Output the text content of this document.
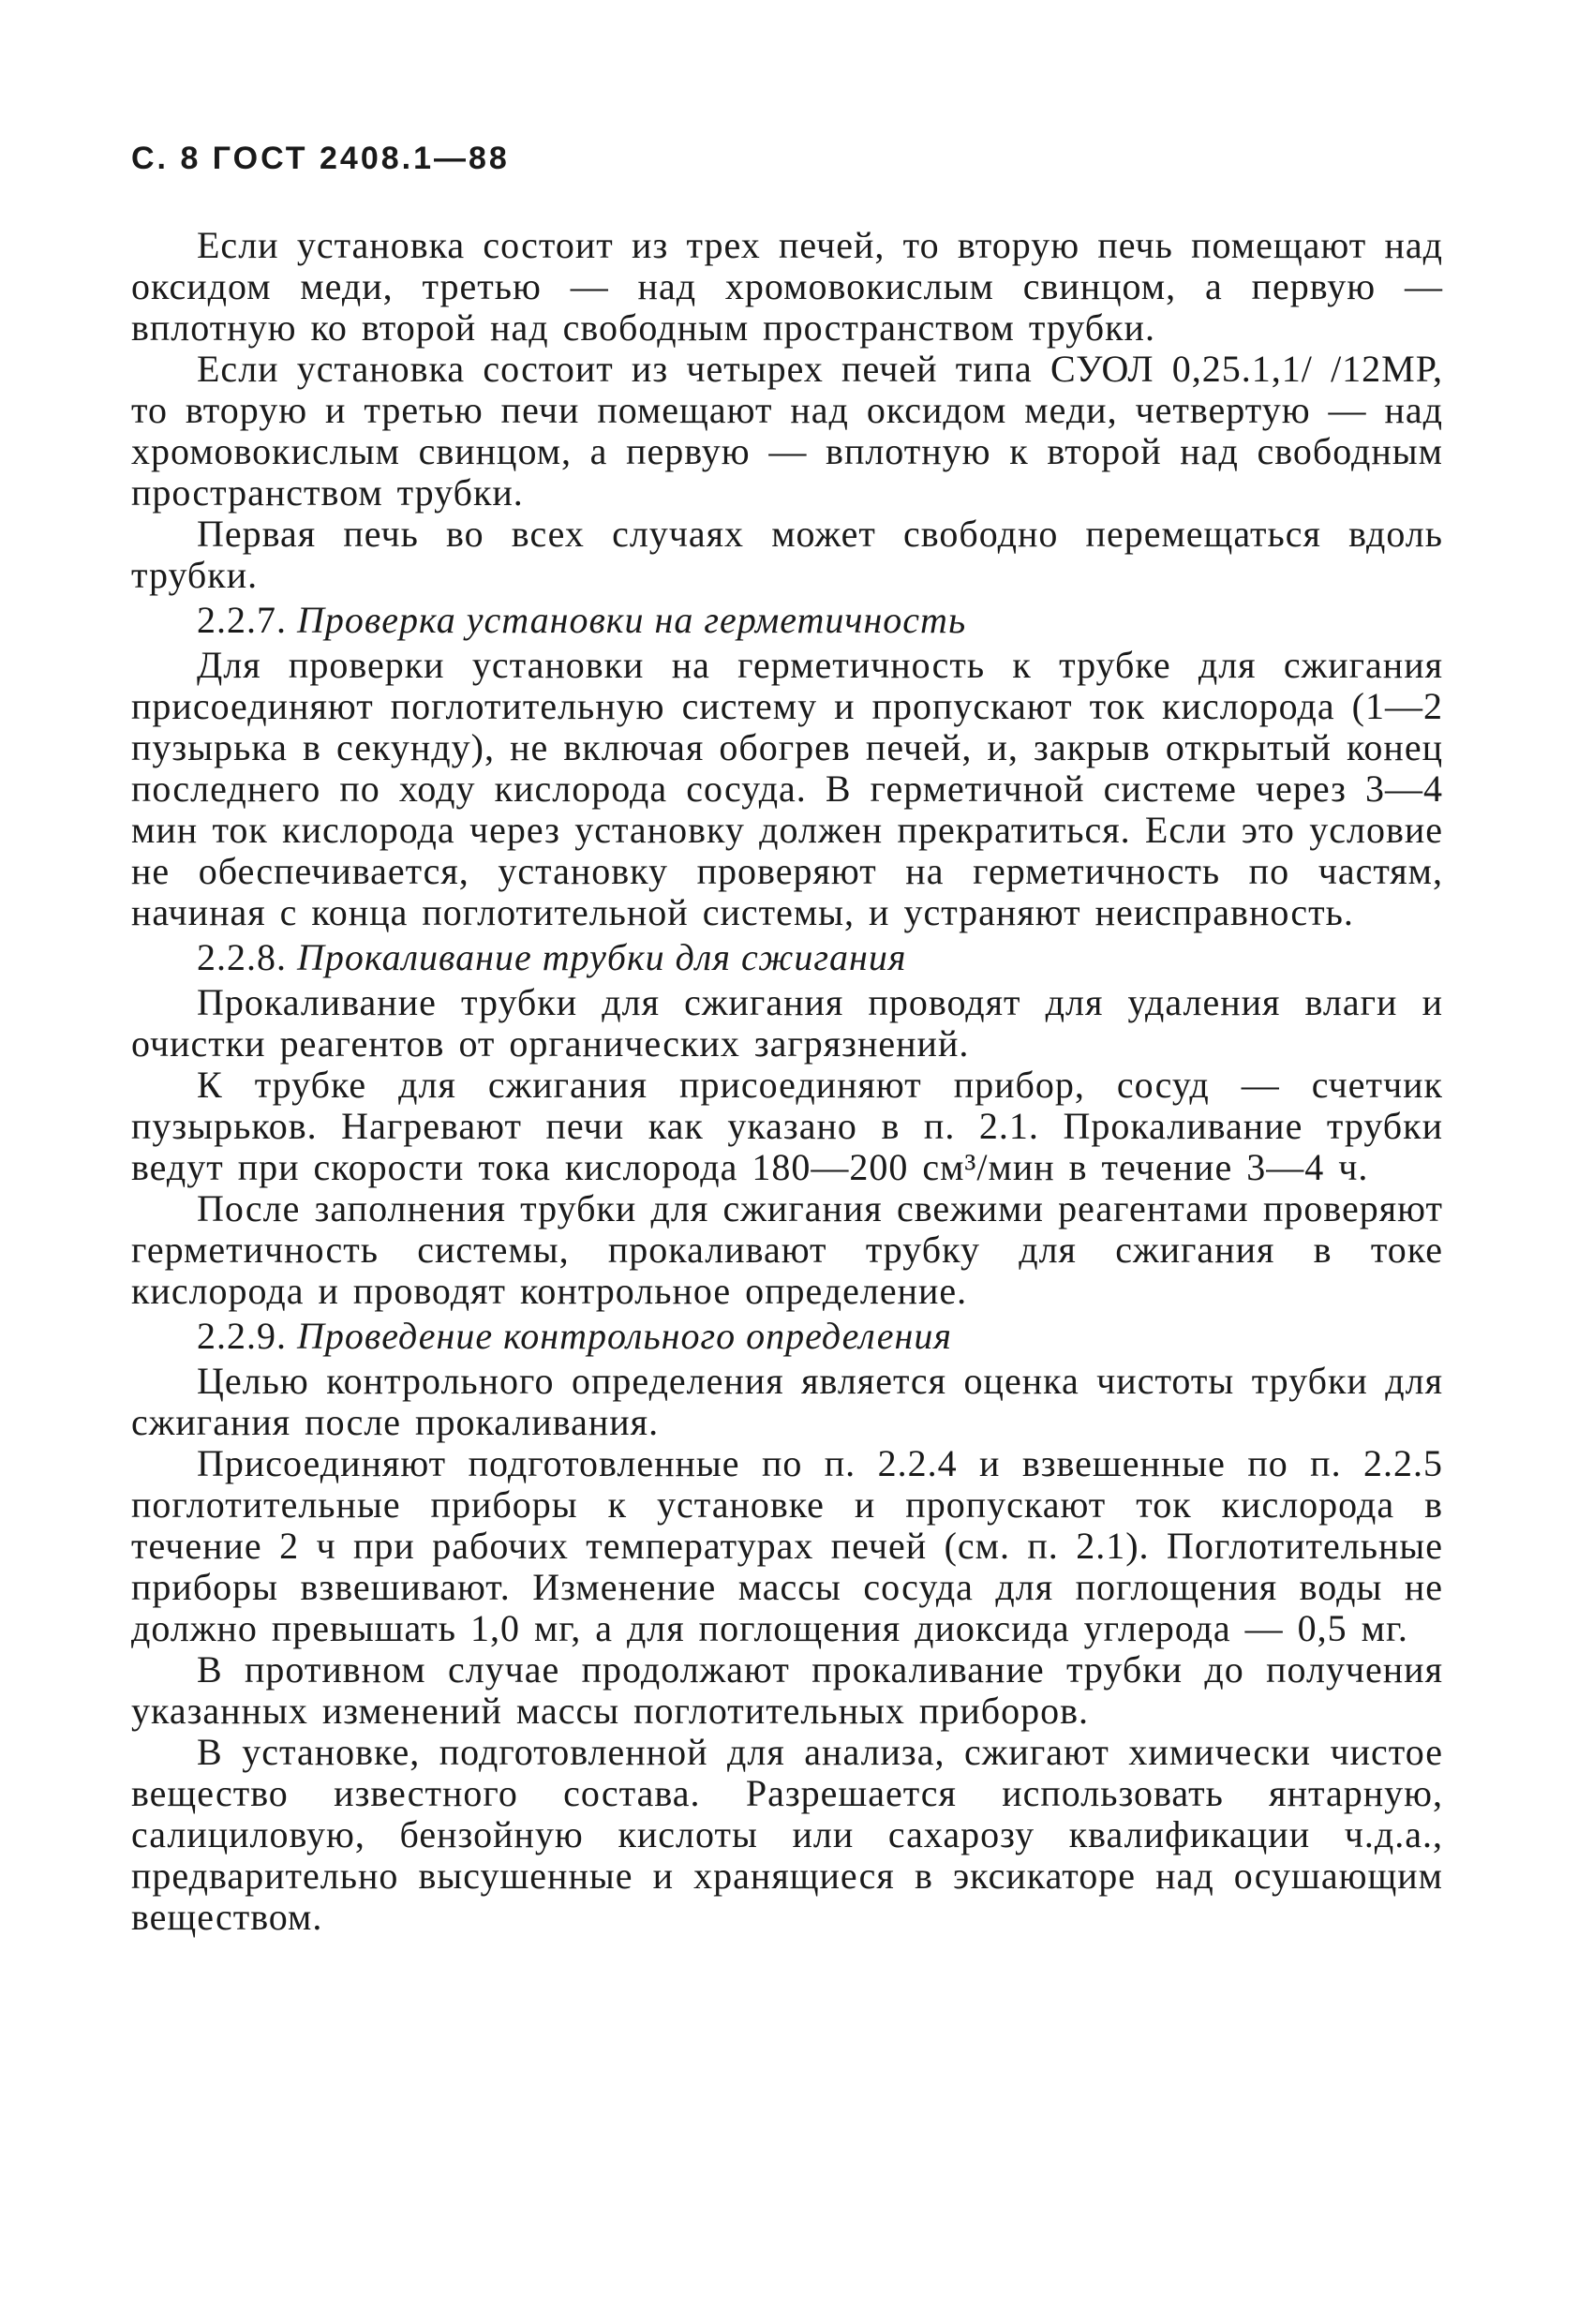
С. 8 ГОСТ 2408.1—88

Если установка состоит из трех печей, то вторую печь помещают над оксидом меди, третью — над хромовокислым свинцом, а первую — вплотную ко второй над свободным пространством трубки.

Если установка состоит из четырех печей типа СУОЛ 0,25.1,1/ /12МР, то вторую и третью печи помещают над оксидом меди, четвертую — над хромовокислым свинцом, а первую — вплотную к второй над свободным пространством трубки.

Первая печь во всех случаях может свободно перемещаться вдоль трубки.

2.2.7. Проверка установки на герметичность

Для проверки установки на герметичность к трубке для сжигания присоединяют поглотительную систему и пропускают ток кислорода (1—2 пузырька в секунду), не включая обогрев печей, и, закрыв открытый конец последнего по ходу кислорода сосуда. В герметичной системе через 3—4 мин ток кислорода через установку должен прекратиться. Если это условие не обеспечивается, установку проверяют на герметичность по частям, начиная с конца поглотительной системы, и устраняют неисправность.

2.2.8. Прокаливание трубки для сжигания

Прокаливание трубки для сжигания проводят для удаления влаги и очистки реагентов от органических загрязнений.

К трубке для сжигания присоединяют прибор, сосуд — счетчик пузырьков. Нагревают печи как указано в п. 2.1. Прокаливание трубки ведут при скорости тока кислорода 180—200 см³/мин в течение 3—4 ч.

После заполнения трубки для сжигания свежими реагентами проверяют герметичность системы, прокаливают трубку для сжигания в токе кислорода и проводят контрольное определение.

2.2.9. Проведение контрольного определения

Целью контрольного определения является оценка чистоты трубки для сжигания после прокаливания.

Присоединяют подготовленные по п. 2.2.4 и взвешенные по п. 2.2.5 поглотительные приборы к установке и пропускают ток кислорода в течение 2 ч при рабочих температурах печей (см. п. 2.1). Поглотительные приборы взвешивают. Изменение массы сосуда для поглощения воды не должно превышать 1,0 мг, а для поглощения диоксида углерода — 0,5 мг.

В противном случае продолжают прокаливание трубки до получения указанных изменений массы поглотительных приборов.

В установке, подготовленной для анализа, сжигают химически чистое вещество известного состава. Разрешается использовать янтарную, салициловую, бензойную кислоты или сахарозу квалификации ч.д.а., предварительно высушенные и хранящиеся в эксикаторе над осушающим веществом.
